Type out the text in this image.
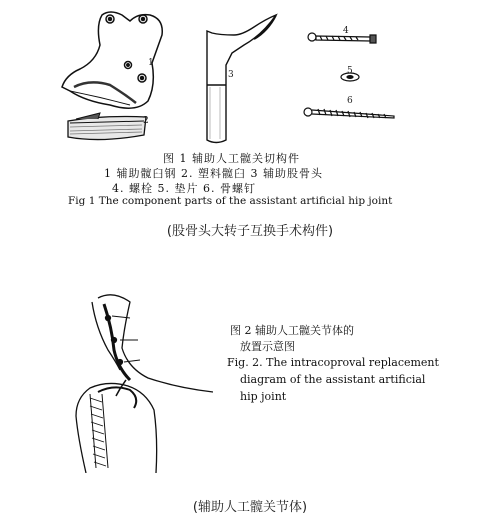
1
2
3
4
5
6
图 1 辅助人工髋关切构件
1 辅助髋臼钢 2. 塑料髋臼 3 辅助股骨头
4. 螺栓 5. 垫片 6. 骨螺钉
Fig 1 The component parts of the assistant artificial hip joint
(股骨头大转子互换手术构件)
图 2 辅助人工髋关节体的
放置示意图
Fig. 2. The intracoproval replacement
diagram of the assistant artificial
hip joint
(辅助人工髋关节体)
